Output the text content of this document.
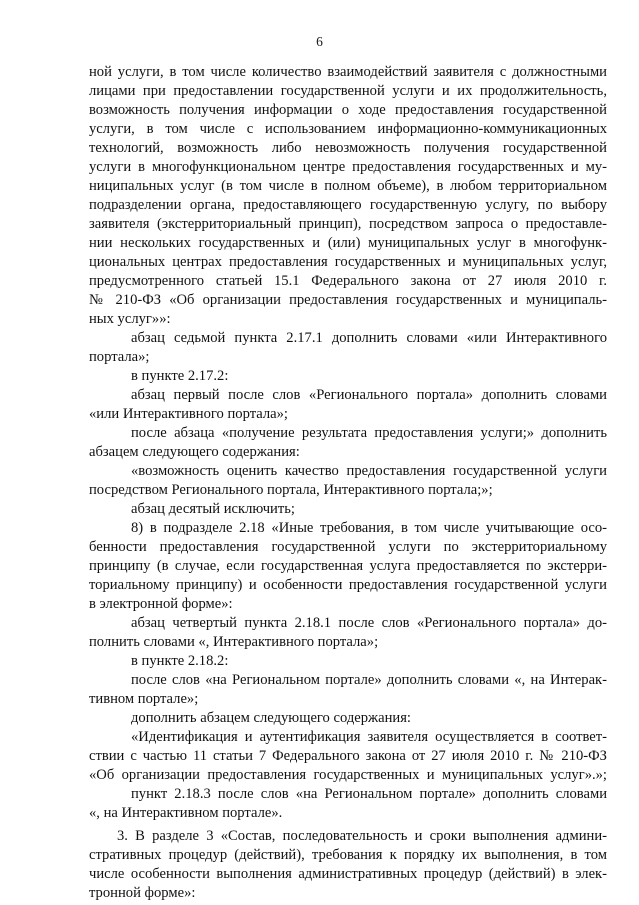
6
ной услуги, в том числе количество взаимодействий заявителя с должностными
лицами при предоставлении государственной услуги и их продолжительность,
возможность получения информации о ходе предоставления государственной
услуги, в том числе с использованием информационно-коммуникационных
технологий, возможность либо невозможность получения государственной
услуги в многофункциональном центре предоставления государственных и му-
ниципальных услуг (в том числе в полном объеме), в любом территориальном
подразделении органа, предоставляющего государственную услугу, по выбору
заявителя (экстерриториальный принцип), посредством запроса о предоставле-
нии нескольких государственных и (или) муниципальных услуг в многофунк-
циональных центрах предоставления государственных и муниципальных услуг,
предусмотренного статьей 15.1 Федерального закона от 27 июля 2010 г.
№ 210-ФЗ «Об организации предоставления государственных и муниципаль-
ных услуг»»:
абзац седьмой пункта 2.17.1 дополнить словами «или Интерактивного
портала»;
в пункте 2.17.2:
абзац первый после слов «Регионального портала» дополнить словами
«или Интерактивного портала»;
после абзаца «получение результата предоставления услуги;» дополнить
абзацем следующего содержания:
«возможность оценить качество предоставления государственной услуги
посредством Регионального портала, Интерактивного портала;»;
абзац десятый исключить;
8) в подразделе 2.18 «Иные требования, в том числе учитывающие осо-
бенности предоставления государственной услуги по экстерриториальному
принципу (в случае, если государственная услуга предоставляется по экстерри-
ториальному принципу) и особенности предоставления государственной услуги
в электронной форме»:
абзац четвертый пункта 2.18.1 после слов «Регионального портала» до-
полнить словами «, Интерактивного портала»;
в пункте 2.18.2:
после слов «на Региональном портале» дополнить словами «, на Интерак-
тивном портале»;
дополнить абзацем следующего содержания:
«Идентификация и аутентификация заявителя осуществляется в соответ-
ствии с частью 11 статьи 7 Федерального закона от 27 июля 2010 г. № 210-ФЗ
«Об организации предоставления государственных и муниципальных услуг».»;
пункт 2.18.3 после слов «на Региональном портале» дополнить словами
«, на Интерактивном портале».
3. В разделе 3 «Состав, последовательность и сроки выполнения админи-
стративных процедур (действий), требования к порядку их выполнения, в том
числе особенности выполнения административных процедур (действий) в элек-
тронной форме»:
